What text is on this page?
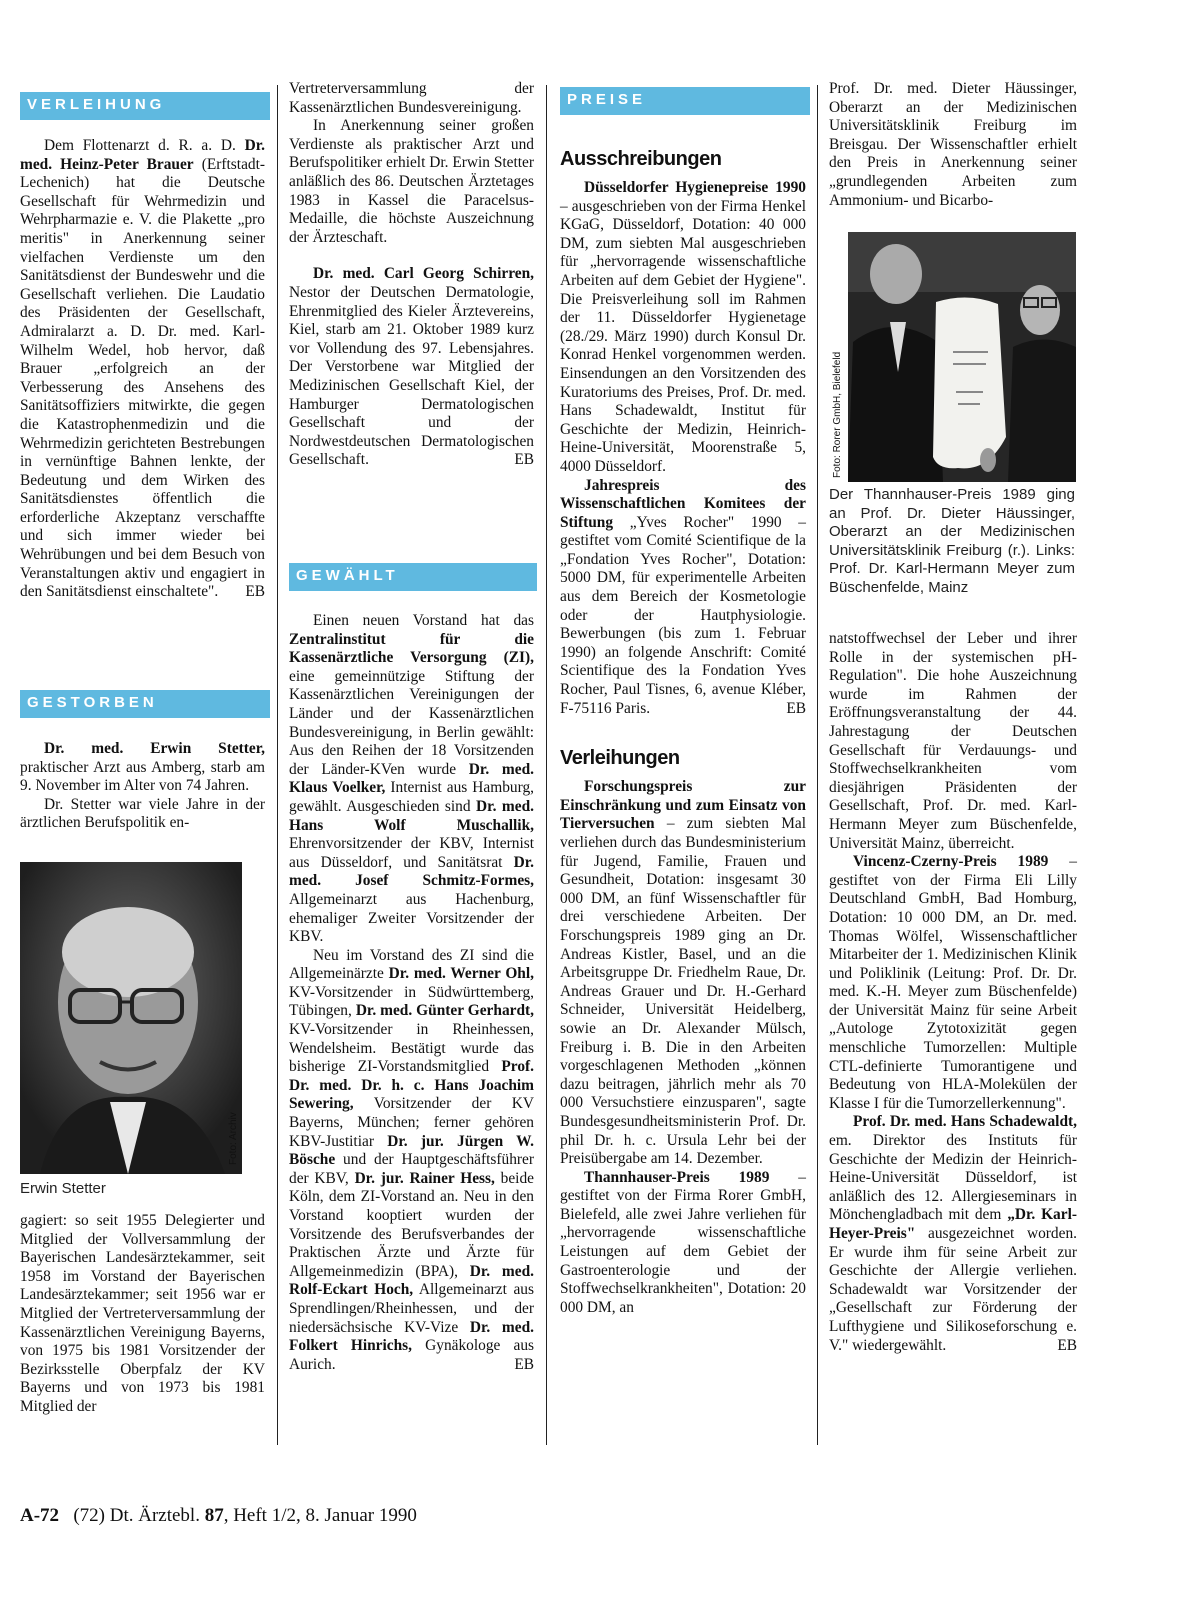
VERLEIHUNG

Dem Flottenarzt d. R. a. D. Dr. med. Heinz-Peter Brauer (Erftstadt-Lechenich) hat die Deutsche Gesellschaft für Wehrmedizin und Wehrpharmazie e. V. die Plakette „pro meritis" in Anerkennung seiner vielfachen Verdienste um den Sanitätsdienst der Bundeswehr und die Gesellschaft verliehen. Die Laudatio des Präsidenten der Gesellschaft, Admiralarzt a. D. Dr. med. Karl-Wilhelm Wedel, hob hervor, daß Brauer „erfolgreich an der Verbesserung des Ansehens des Sanitätsoffiziers mitwirkte, die gegen die Katastrophenmedizin und die Wehrmedizin gerichteten Bestrebungen in vernünftige Bahnen lenkte, der Bedeutung und dem Wirken des Sanitätsdienstes öffentlich die erforderliche Akzeptanz verschaffte und sich immer wieder bei Wehrübungen und bei dem Besuch von Veranstaltungen aktiv und engagiert in den Sanitätsdienst einschaltete".	EB

GESTORBEN

Dr. med. Erwin Stetter, praktischer Arzt aus Amberg, starb am 9. November im Alter von 74 Jahren.

Dr. Stetter war viele Jahre in der ärztlichen Berufspolitik en-

Foto: Archiv
Erwin Stetter

gagiert: so seit 1955 Delegierter und Mitglied der Vollversammlung der Bayerischen Landesärztekammer, seit 1958 im Vorstand der Bayerischen Landesärztekammer; seit 1956 war er Mitglied der Vertreterversammlung der Kassenärztlichen Vereinigung Bayerns, von 1975 bis 1981 Vorsitzender der Bezirksstelle Oberpfalz der KV Bayerns und von 1973 bis 1981 Mitglied der

Vertreterversammlung der Kassenärztlichen Bundesvereinigung.

In Anerkennung seiner großen Verdienste als praktischer Arzt und Berufspolitiker erhielt Dr. Erwin Stetter anläßlich des 86. Deutschen Ärztetages 1983 in Kassel die Paracelsus-Medaille, die höchste Auszeichnung der Ärzteschaft.

Dr. med. Carl Georg Schirren, Nestor der Deutschen Dermatologie, Ehrenmitglied des Kieler Ärztevereins, Kiel, starb am 21. Oktober 1989 kurz vor Vollendung des 97. Lebensjahres. Der Verstorbene war Mitglied der Medizinischen Gesellschaft Kiel, der Hamburger Dermatologischen Gesellschaft und der Nordwestdeutschen Dermatologischen Gesellschaft.	EB

GEWÄHLT

Einen neuen Vorstand hat das Zentralinstitut für die Kassenärztliche Versorgung (ZI), eine gemeinnützige Stiftung der Kassenärztlichen Vereinigungen der Länder und der Kassenärztlichen Bundesvereinigung, in Berlin gewählt: Aus den Reihen der 18 Vorsitzenden der Länder-KVen wurde Dr. med. Klaus Voelker, Internist aus Hamburg, gewählt. Ausgeschieden sind Dr. med. Hans Wolf Muschallik, Ehrenvorsitzender der KBV, Internist aus Düsseldorf, und Sanitätsrat Dr. med. Josef Schmitz-Formes, Allgemeinarzt aus Hachenburg, ehemaliger Zweiter Vorsitzender der KBV.

Neu im Vorstand des ZI sind die Allgemeinärzte Dr. med. Werner Ohl, KV-Vorsitzender in Südwürttemberg, Tübingen, Dr. med. Günter Gerhardt, KV-Vorsitzender in Rheinhessen, Wendelsheim. Bestätigt wurde das bisherige ZI-Vorstandsmitglied Prof. Dr. med. Dr. h. c. Hans Joachim Sewering, Vorsitzender der KV Bayerns, München; ferner gehören KBV-Justitiar Dr. jur. Jürgen W. Bösche und der Hauptgeschäftsführer der KBV, Dr. jur. Rainer Hess, beide Köln, dem ZI-Vorstand an. Neu in den Vorstand kooptiert wurden der Vorsitzende des Berufsverbandes der Praktischen Ärzte und Ärzte für Allgemeinmedizin (BPA), Dr. med. Rolf-Eckart Hoch, Allgemeinarzt aus Sprendlingen/Rheinhessen, und der niedersächsische KV-Vize Dr. med. Folkert Hinrichs, Gynäkologe aus Aurich.	EB

PREISE
Ausschreibungen

Düsseldorfer Hygienepreise 1990 – ausgeschrieben von der Firma Henkel KGaG, Düsseldorf, Dotation: 40 000 DM, zum siebten Mal ausgeschrieben für „hervorragende wissenschaftliche Arbeiten auf dem Gebiet der Hygiene". Die Preisverleihung soll im Rahmen der 11. Düsseldorfer Hygienetage (28./29. März 1990) durch Konsul Dr. Konrad Henkel vorgenommen werden. Einsendungen an den Vorsitzenden des Kuratoriums des Preises, Prof. Dr. med. Hans Schadewaldt, Institut für Geschichte der Medizin, Heinrich-Heine-Universität, Moorenstraße 5, 4000 Düsseldorf.

Jahrespreis des Wissenschaftlichen Komitees der Stiftung „Yves Rocher" 1990 – gestiftet vom Comité Scientifique de la „Fondation Yves Rocher", Dotation: 5000 DM, für experimentelle Arbeiten aus dem Bereich der Kosmetologie oder der Hautphysiologie. Bewerbungen (bis zum 1. Februar 1990) an folgende Anschrift: Comité Scientifique des la Fondation Yves Rocher, Paul Tisnes, 6, avenue Kléber, F-75116 Paris.	EB

Verleihungen

Forschungspreis zur Einschränkung und zum Einsatz von Tierversuchen – zum siebten Mal verliehen durch das Bundesministerium für Jugend, Familie, Frauen und Gesundheit, Dotation: insgesamt 30 000 DM, an fünf Wissenschaftler für drei verschiedene Arbeiten. Der Forschungspreis 1989 ging an Dr. Andreas Kistler, Basel, und an die Arbeitsgruppe Dr. Friedhelm Raue, Dr. Andreas Grauer und Dr. H.-Gerhard Schneider, Universität Heidelberg, sowie an Dr. Alexander Mülsch, Freiburg i. B. Die in den Arbeiten vorgeschlagenen Methoden „können dazu beitragen, jährlich mehr als 70 000 Versuchstiere einzusparen", sagte Bundesgesundheitsministerin Prof. Dr. phil Dr. h. c. Ursula Lehr bei der Preisübergabe am 14. Dezember.

Thannhauser-Preis 1989 – gestiftet von der Firma Rorer GmbH, Bielefeld, alle zwei Jahre verliehen für „hervorragende wissenschaftliche Leistungen auf dem Gebiet der Gastroenterologie und der Stoffwechselkrankheiten", Dotation: 20 000 DM, an

Prof. Dr. med. Dieter Häussinger, Oberarzt an der Medizinischen Universitätsklinik Freiburg im Breisgau. Der Wissenschaftler erhielt den Preis in Anerkennung seiner „grundlegenden Arbeiten zum Ammonium- und Bicarbo-

Foto: Rorer GmbH, Bielefeld
Der Thannhauser-Preis 1989 ging an Prof. Dr. Dieter Häussinger, Oberarzt an der Medizinischen Universitätsklinik Freiburg (r.). Links: Prof. Dr. Karl-Hermann Meyer zum Büschenfelde, Mainz

natstoffwechsel der Leber und ihrer Rolle in der systemischen pH-Regulation". Die hohe Auszeichnung wurde im Rahmen der Eröffnungsveranstaltung der 44. Jahrestagung der Deutschen Gesellschaft für Verdauungs- und Stoffwechselkrankheiten vom diesjährigen Präsidenten der Gesellschaft, Prof. Dr. med. Karl-Hermann Meyer zum Büschenfelde, Universität Mainz, überreicht.

Vincenz-Czerny-Preis 1989 – gestiftet von der Firma Eli Lilly Deutschland GmbH, Bad Homburg, Dotation: 10 000 DM, an Dr. med. Thomas Wölfel, Wissenschaftlicher Mitarbeiter der 1. Medizinischen Klinik und Poliklinik (Leitung: Prof. Dr. Dr. med. K.-H. Meyer zum Büschenfelde) der Universität Mainz für seine Arbeit „Autologe Zytotoxizität gegen menschliche Tumorzellen: Multiple CTL-definierte Tumorantigene und Bedeutung von HLA-Molekülen der Klasse I für die Tumorzellerkennung".

Prof. Dr. med. Hans Schadewaldt, em. Direktor des Instituts für Geschichte der Medizin der Heinrich-Heine-Universität Düsseldorf, ist anläßlich des 12. Allergieseminars in Mönchengladbach mit dem „Dr. Karl-Heyer-Preis" ausgezeichnet worden. Er wurde ihm für seine Arbeit zur Geschichte der Allergie verliehen. Schadewaldt war Vorsitzender der „Gesellschaft zur Förderung der Lufthygiene und Silikoseforschung e. V." wiedergewählt.	EB

A-72 (72) Dt. Ärztebl. 87, Heft 1/2, 8. Januar 1990
